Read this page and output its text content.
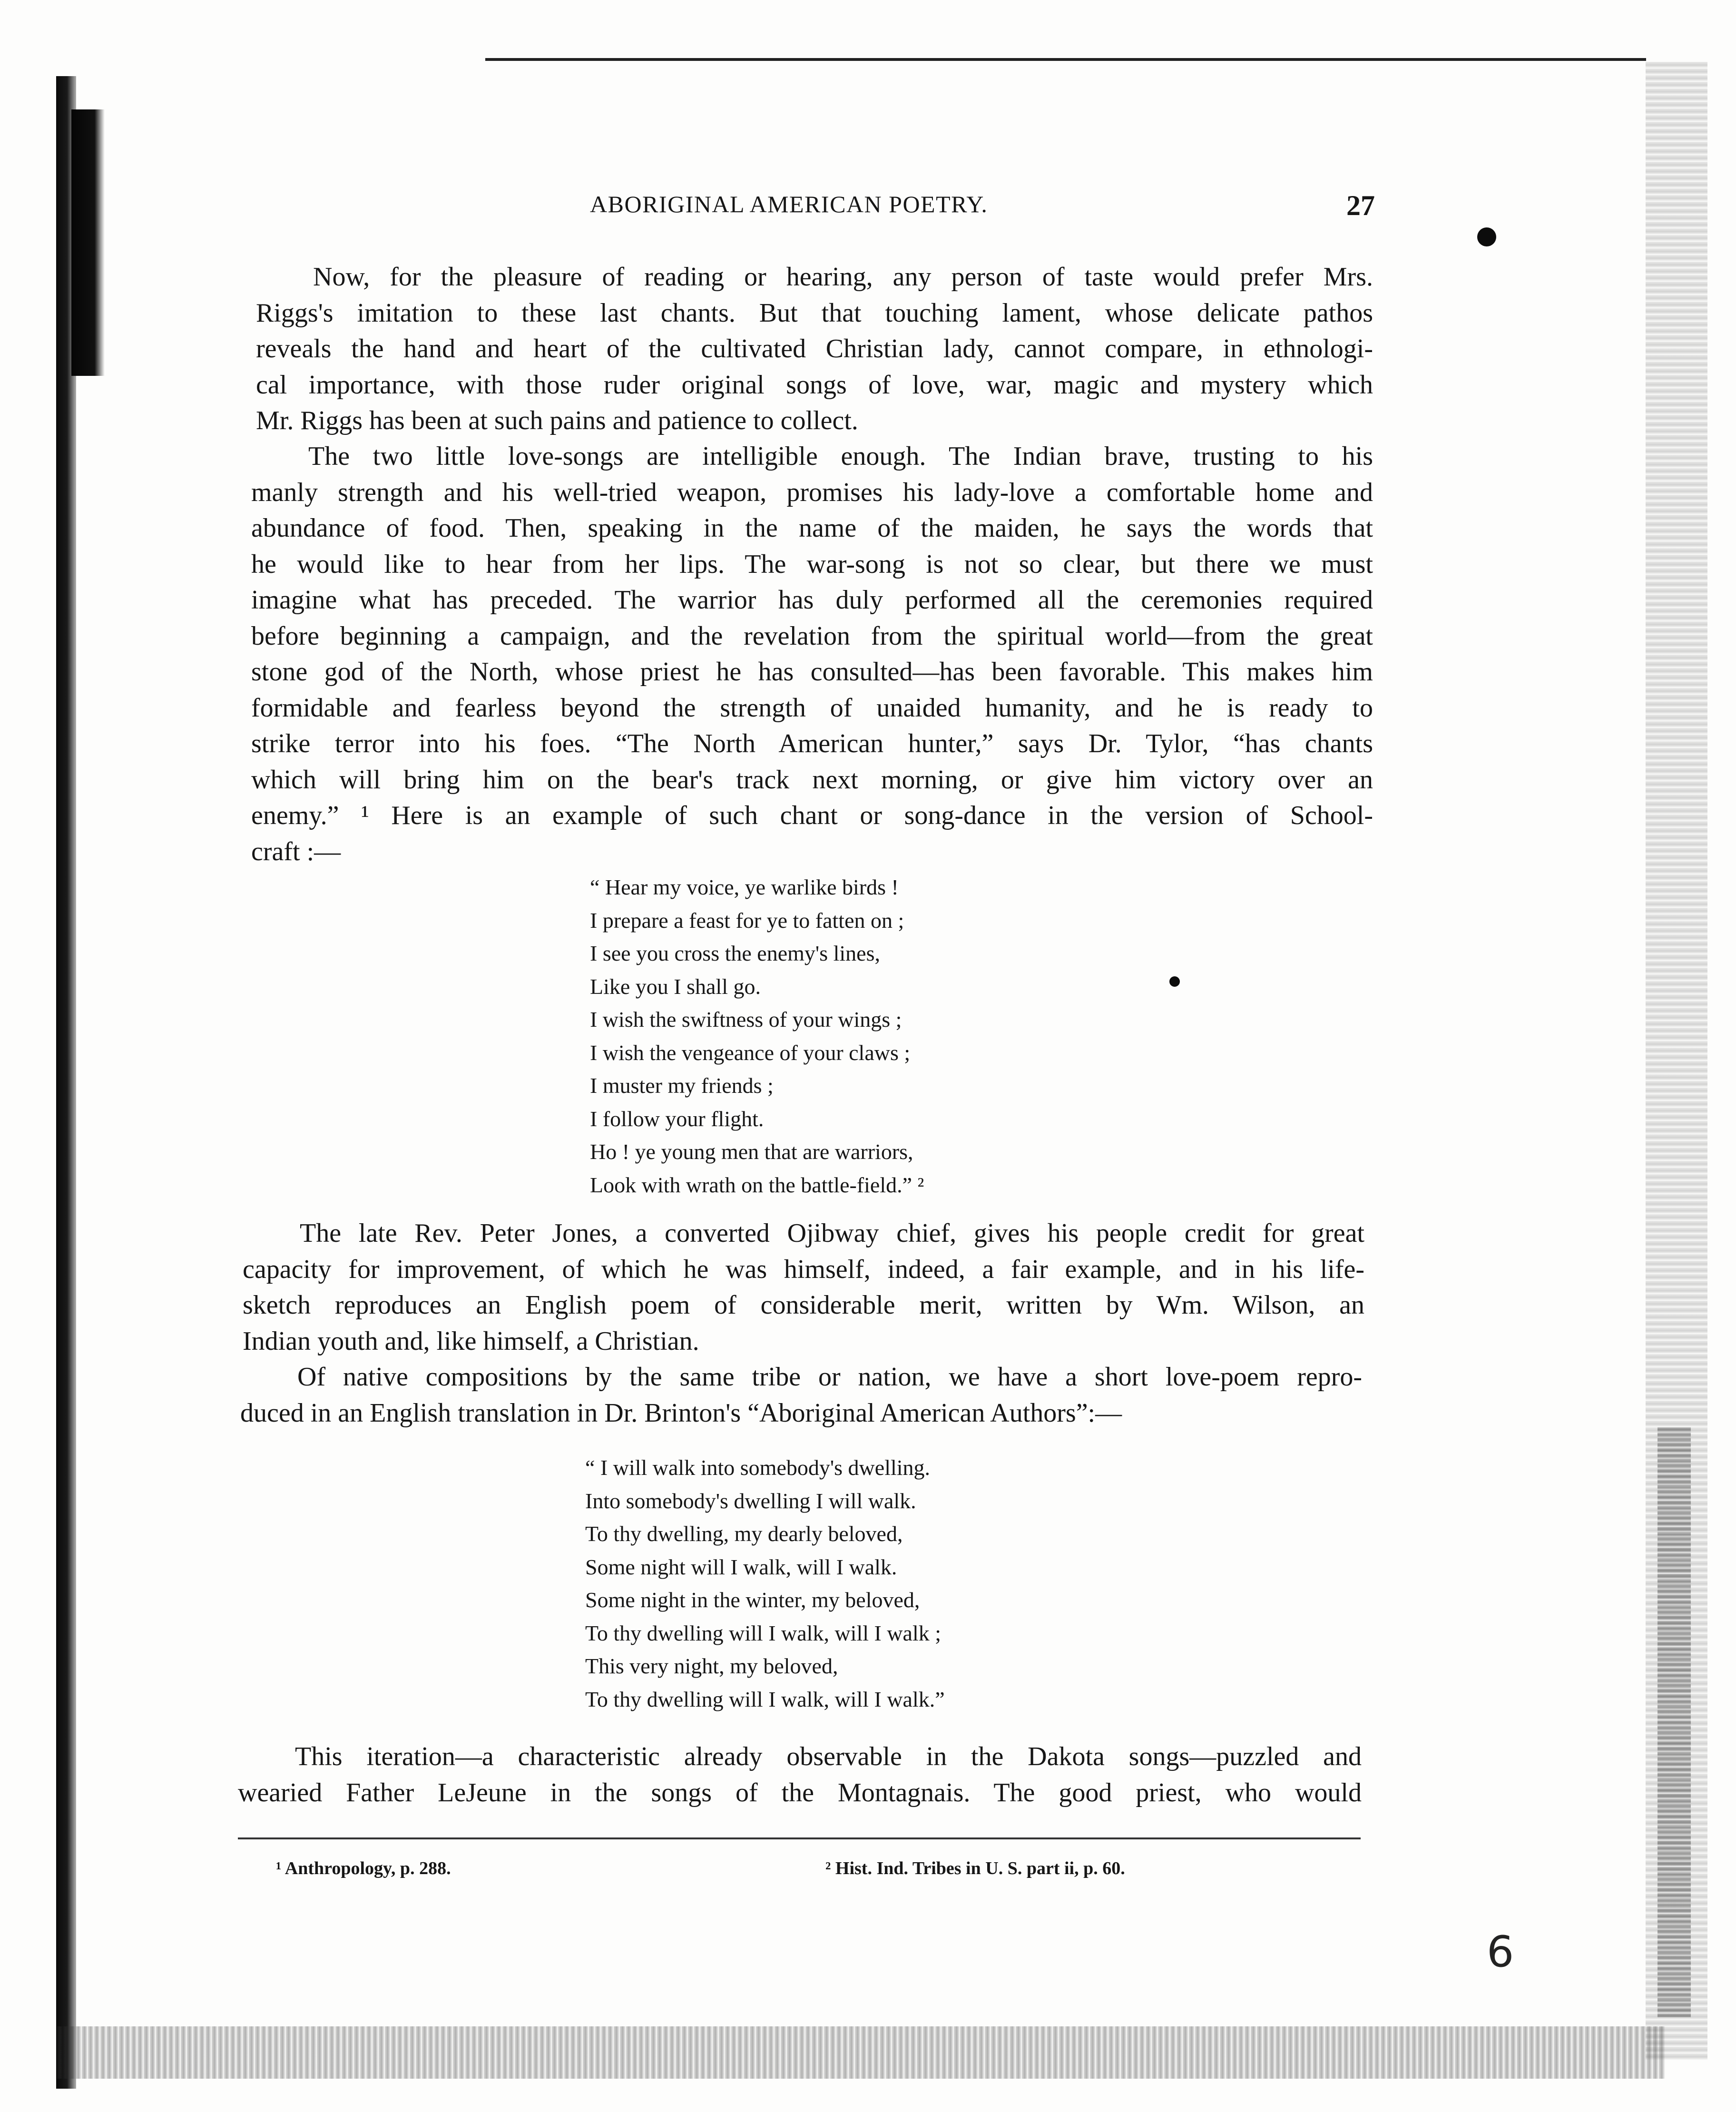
ABORIGINAL AMERICAN POETRY.	27
Now, for the pleasure of reading or hearing, any person of taste would prefer Mrs.
Riggs's imitation to these last chants. But that touching lament, whose delicate pathos
reveals the hand and heart of the cultivated Christian lady, cannot compare, in ethnologi-
cal importance, with those ruder original songs of love, war, magic and mystery which
Mr. Riggs has been at such pains and patience to collect.
The two little love-songs are intelligible enough. The Indian brave, trusting to his
manly strength and his well-tried weapon, promises his lady-love a comfortable home and
abundance of food. Then, speaking in the name of the maiden, he says the words that
he would like to hear from her lips. The war-song is not so clear, but there we must
imagine what has preceded. The warrior has duly performed all the ceremonies required
before beginning a campaign, and the revelation from the spiritual world—from the great
stone god of the North, whose priest he has consulted—has been favorable. This makes him
formidable and fearless beyond the strength of unaided humanity, and he is ready to
strike terror into his foes. “The North American hunter,” says Dr. Tylor, “has chants
which will bring him on the bear's track next morning, or give him victory over an
enemy.” ¹ Here is an example of such chant or song-dance in the version of School-
craft :—
“ Hear my voice, ye warlike birds !
I prepare a feast for ye to fatten on ;
I see you cross the enemy's lines,
Like you I shall go.
I wish the swiftness of your wings ;
I wish the vengeance of your claws ;
I muster my friends ;
I follow your flight.
Ho ! ye young men that are warriors,
Look with wrath on the battle-field.” ²
The late Rev. Peter Jones, a converted Ojibway chief, gives his people credit for great
capacity for improvement, of which he was himself, indeed, a fair example, and in his life-
sketch reproduces an English poem of considerable merit, written by Wm. Wilson, an
Indian youth and, like himself, a Christian.
Of native compositions by the same tribe or nation, we have a short love-poem repro-
duced in an English translation in Dr. Brinton's “Aboriginal American Authors”:—
“ I will walk into somebody's dwelling.
Into somebody's dwelling I will walk.
To thy dwelling, my dearly beloved,
Some night will I walk, will I walk.
Some night in the winter, my beloved,
To thy dwelling will I walk, will I walk ;
This very night, my beloved,
To thy dwelling will I walk, will I walk.”
This iteration—a characteristic already observable in the Dakota songs—puzzled and
wearied Father LeJeune in the songs of the Montagnais. The good priest, who would
¹ Anthropology, p. 288.	² Hist. Ind. Tribes in U. S. part ii, p. 60.
6
